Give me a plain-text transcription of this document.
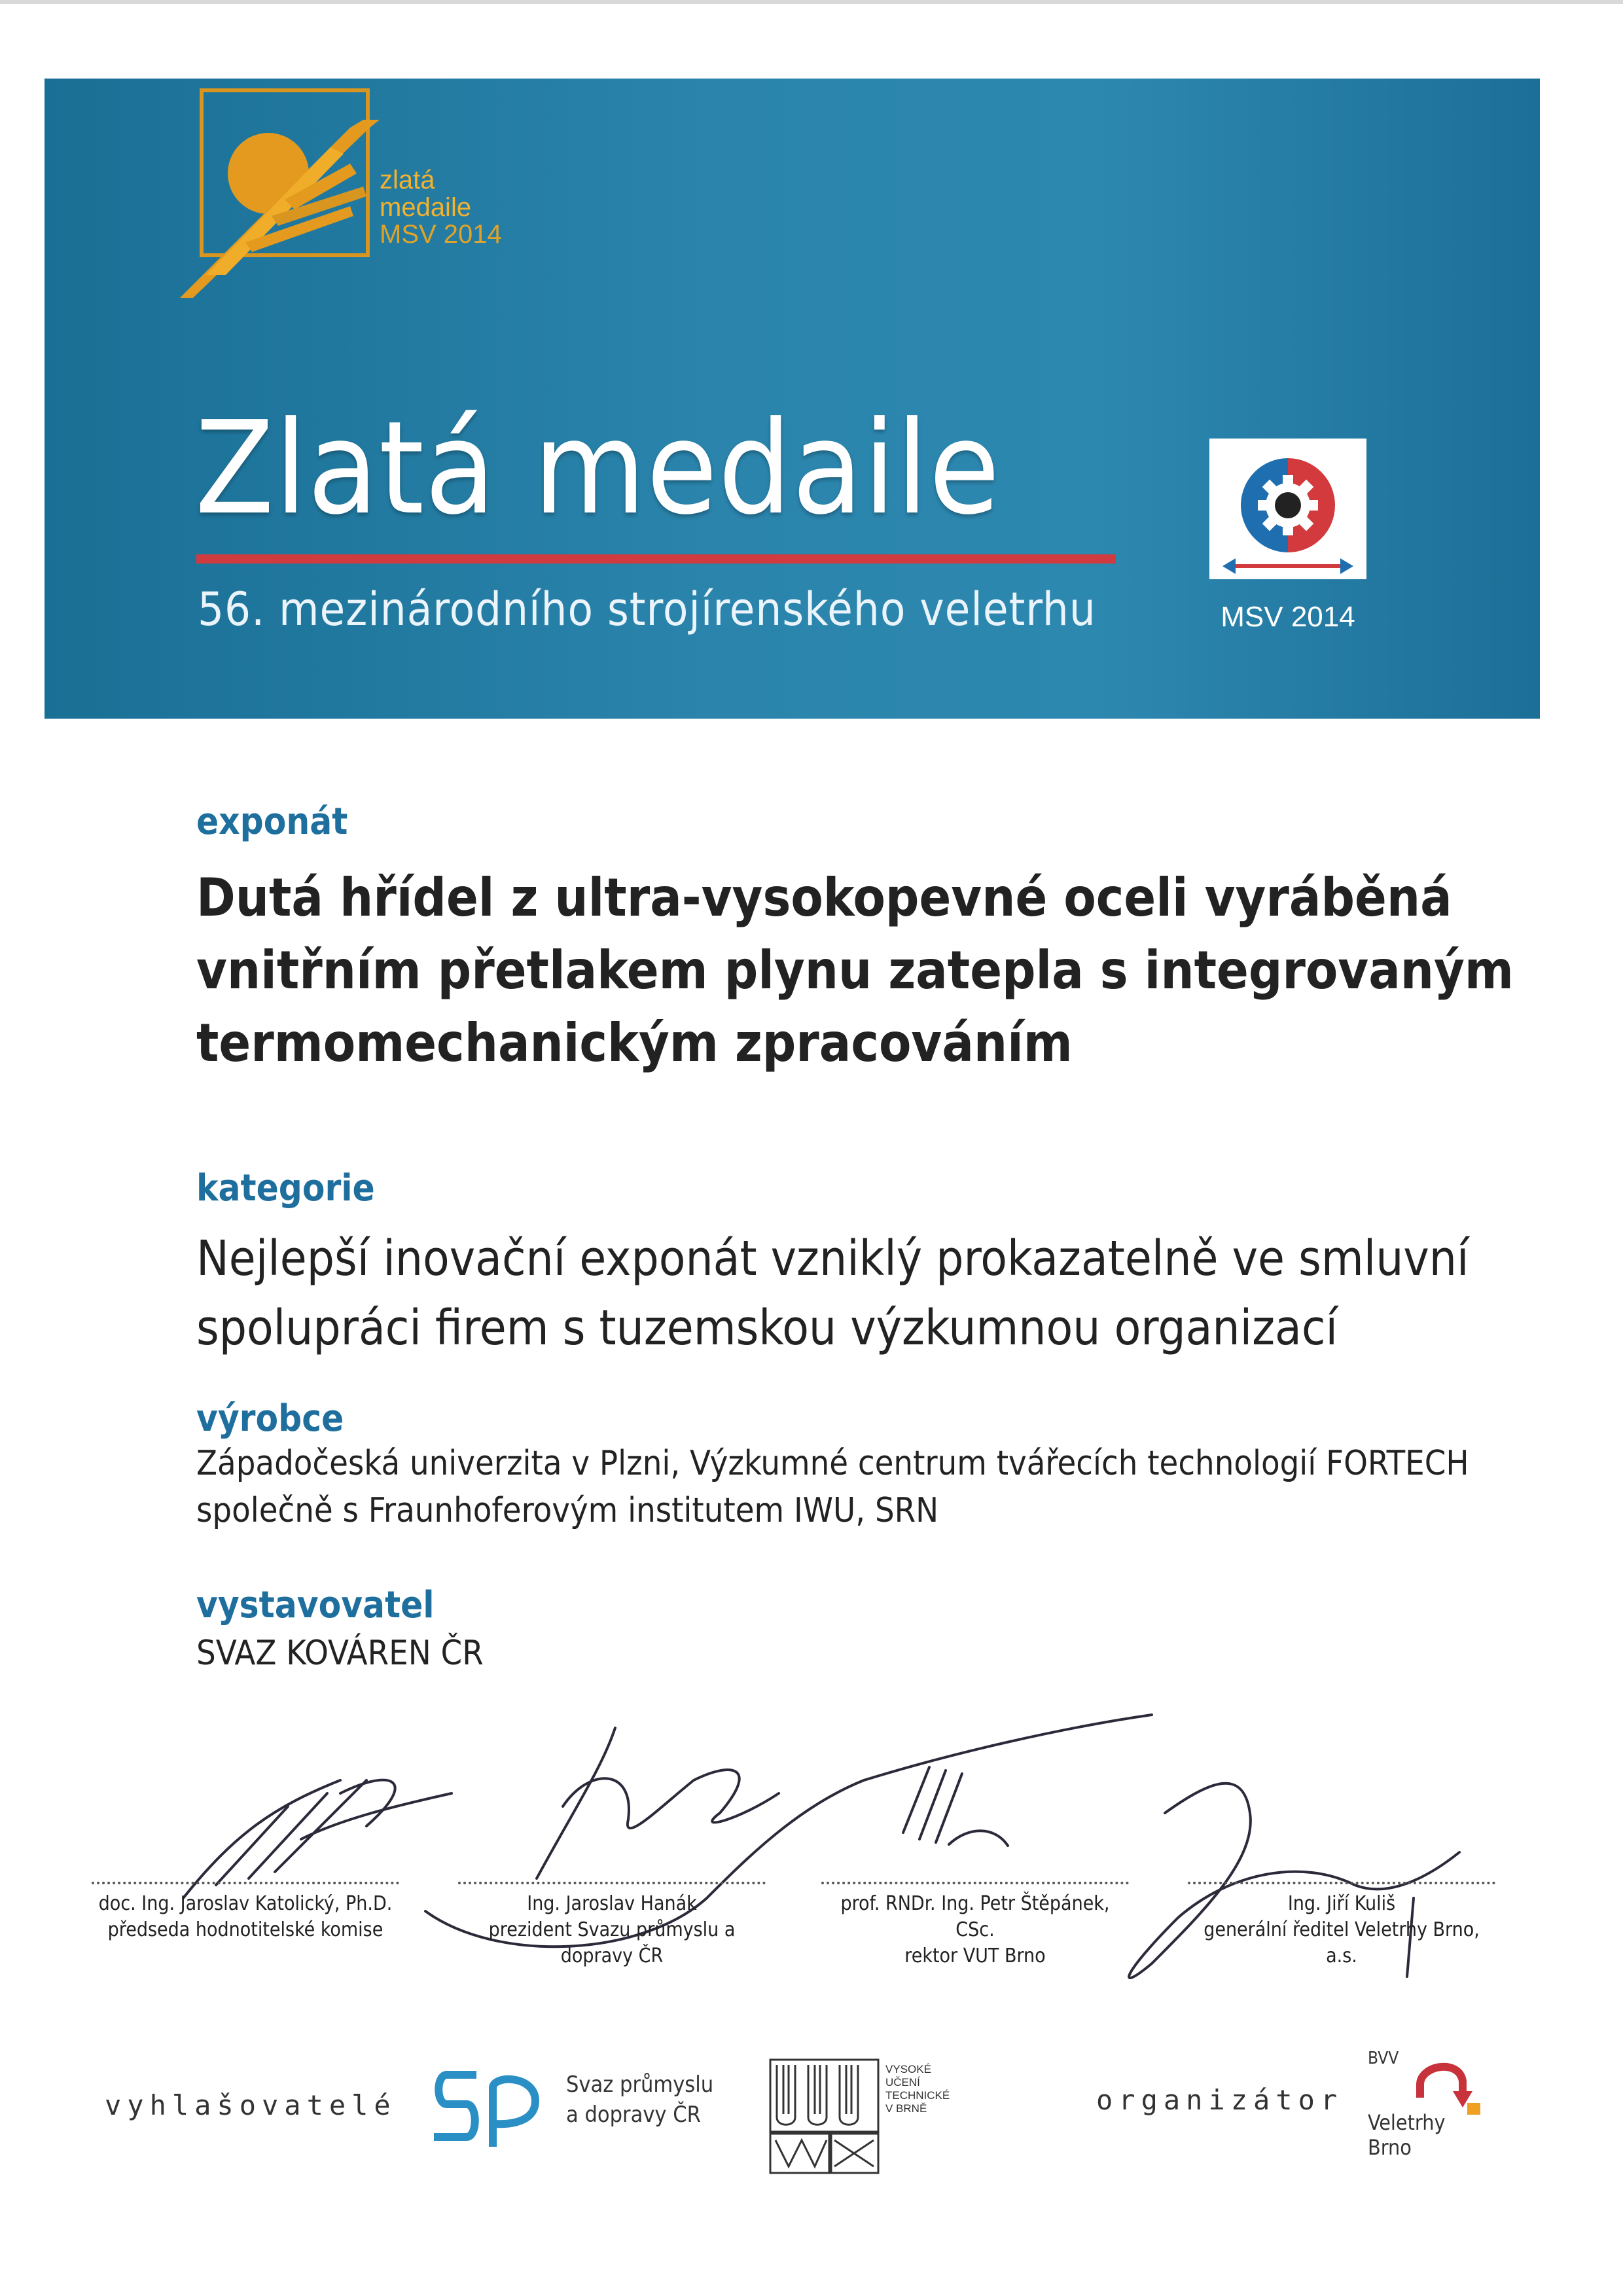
zlatá
medaile
MSV 2014
Zlatá medaile
56. mezinárodního strojírenského veletrhu	MSV 2014
exponát
Dutá hřídel z ultra-vysokopevné oceli vyráběná
vnitřním přetlakem plynu zatepla s integrovaným
termomechanickým zpracováním
kategorie
Nejlepší inovační exponát vzniklý prokazatelně ve smluvní
spolupráci firem s tuzemskou výzkumnou organizací
výrobce
Západočeská univerzita v Plzni, Výzkumné centrum tvářecích technologií FORTECH
společně s Fraunhoferovým institutem IWU, SRN
vystavovatel
SVAZ KOVÁREN ČR
doc. Ing. Jaroslav Katolický, Ph.D.
předseda hodnotitelské komise
Ing. Jaroslav Hanák
prezident Svazu průmyslu a dopravy ČR
prof. RNDr. Ing. Petr Štěpánek, CSc.
rektor VUT Brno
Ing. Jiří Kuliš
generální ředitel Veletrhy Brno, a.s.
vyhlašovatelé
Svaz průmyslu
a dopravy ČR
VYSOKÉ
UČENÍ
TECHNICKÉ
V BRNĚ	organizátor
BVV
Veletrhy
Brno
